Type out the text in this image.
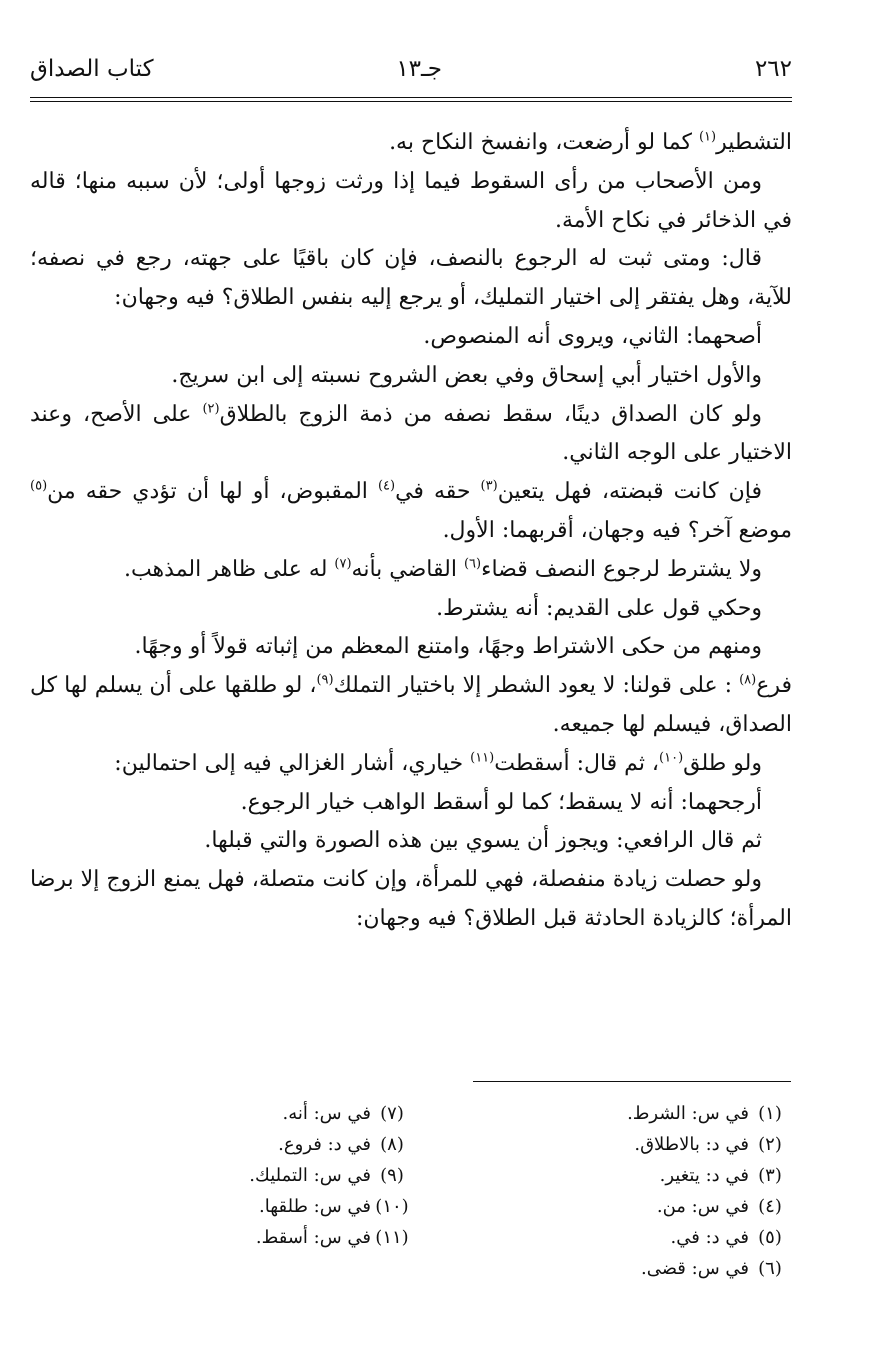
٢٦٢
جـ١٣
كتاب الصداق

التشطير$^{(١)}$ كما لو أرضعت، وانفسخ النكاح به.

ومن الأصحاب من رأى السقوط فيما إذا ورثت زوجها أولى؛ لأن سببه منها؛ قاله في الذخائر في نكاح الأمة.

قال: ومتى ثبت له الرجوع بالنصف، فإن كان باقيًا على جهته، رجع في نصفه؛ للآية، وهل يفتقر إلى اختيار التمليك، أو يرجع إليه بنفس الطلاق؟ فيه وجهان:

أصحهما: الثاني، ويروى أنه المنصوص.

والأول اختيار أبي إسحاق وفي بعض الشروح نسبته إلى ابن سريج.

ولو كان الصداق دينًا، سقط نصفه من ذمة الزوج بالطلاق$^{(٢)}$ على الأصح، وعند الاختيار على الوجه الثاني.

فإن كانت قبضته، فهل يتعين$^{(٣)}$ حقه في$^{(٤)}$ المقبوض، أو لها أن تؤدي حقه من$^{(٥)}$ موضع آخر؟ فيه وجهان، أقربهما: الأول.

ولا يشترط لرجوع النصف قضاء$^{(٦)}$ القاضي بأنه$^{(٧)}$ له على ظاهر المذهب.

وحكي قول على القديم: أنه يشترط.

ومنهم من حكى الاشتراط وجهًا، وامتنع المعظم من إثباته قولاً أو وجهًا.

فرع$^{(٨)}$ : على قولنا: لا يعود الشطر إلا باختيار التملك$^{(٩)}$، لو طلقها على أن يسلم لها كل الصداق، فيسلم لها جميعه.

ولو طلق$^{(١٠)}$، ثم قال: أسقطت$^{(١١)}$ خياري، أشار الغزالي فيه إلى احتمالين:

أرجحهما: أنه لا يسقط؛ كما لو أسقط الواهب خيار الرجوع.

ثم قال الرافعي: ويجوز أن يسوي بين هذه الصورة والتي قبلها.

ولو حصلت زيادة منفصلة، فهي للمرأة، وإن كانت متصلة، فهل يمنع الزوج إلا برضا المرأة؛ كالزيادة الحادثة قبل الطلاق؟ فيه وجهان:

(١)
في س: الشرط.
(٢)
في د: بالاطلاق.
(٣)
في د: يتغير.
(٤)
في س: من.
(٥)
في د: في.
(٦)
في س: قضى.
(٧)
في س: أنه.
(٨)
في د: فروع.
(٩)
في س: التمليك.
(١٠)
في س: طلقها.
(١١)
في س: أسقط.
